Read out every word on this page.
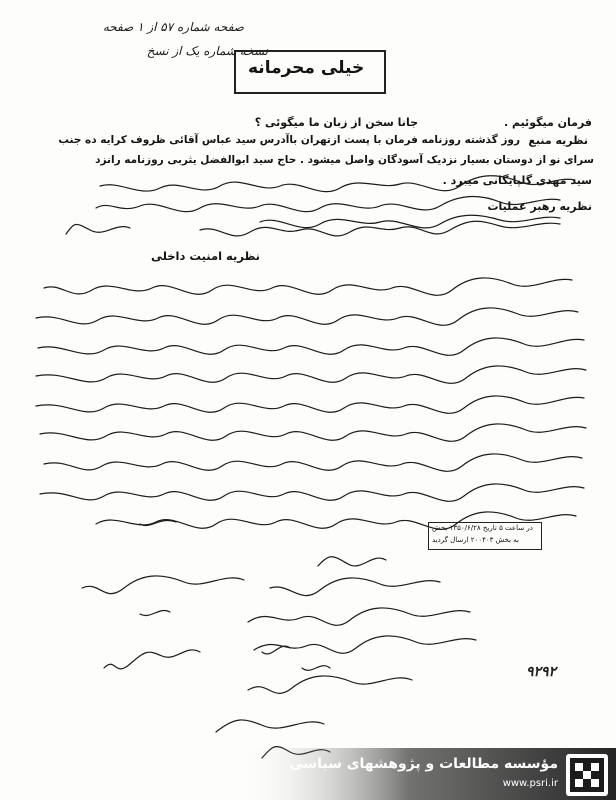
صفحه شماره ۵۷ از ۱ صفحه
نسخه شماره یک از نسخ
خیلی محرمانه
جانا سخن از زبان ما میگوئی ؟	فرمان میگوئیم .
نظریه منبع
روز گذشته روزنامه فرمان با پست ازتهران باآدرس سید عباس آقائی ظروف کرایه ده جنب
سرای نو از دوستان بسیار نزدیک آسودگان واصل میشود . حاج سید ابوالفضل یثربی روزنامه رانزد
سید مهدی گلپایگانی میبرد .
نظریه رهبر عملیات
نظریه امنیت داخلی
در ساعت ۵ تاریخ ۱۳۵۰/۶/۲۸ بخش
به بخش ۲۰۰۴۰۳ ارسال گردید
۹۲۹۲
مؤسسه مطالعات و پژوهشهای سیاسی
www.psri.ir
